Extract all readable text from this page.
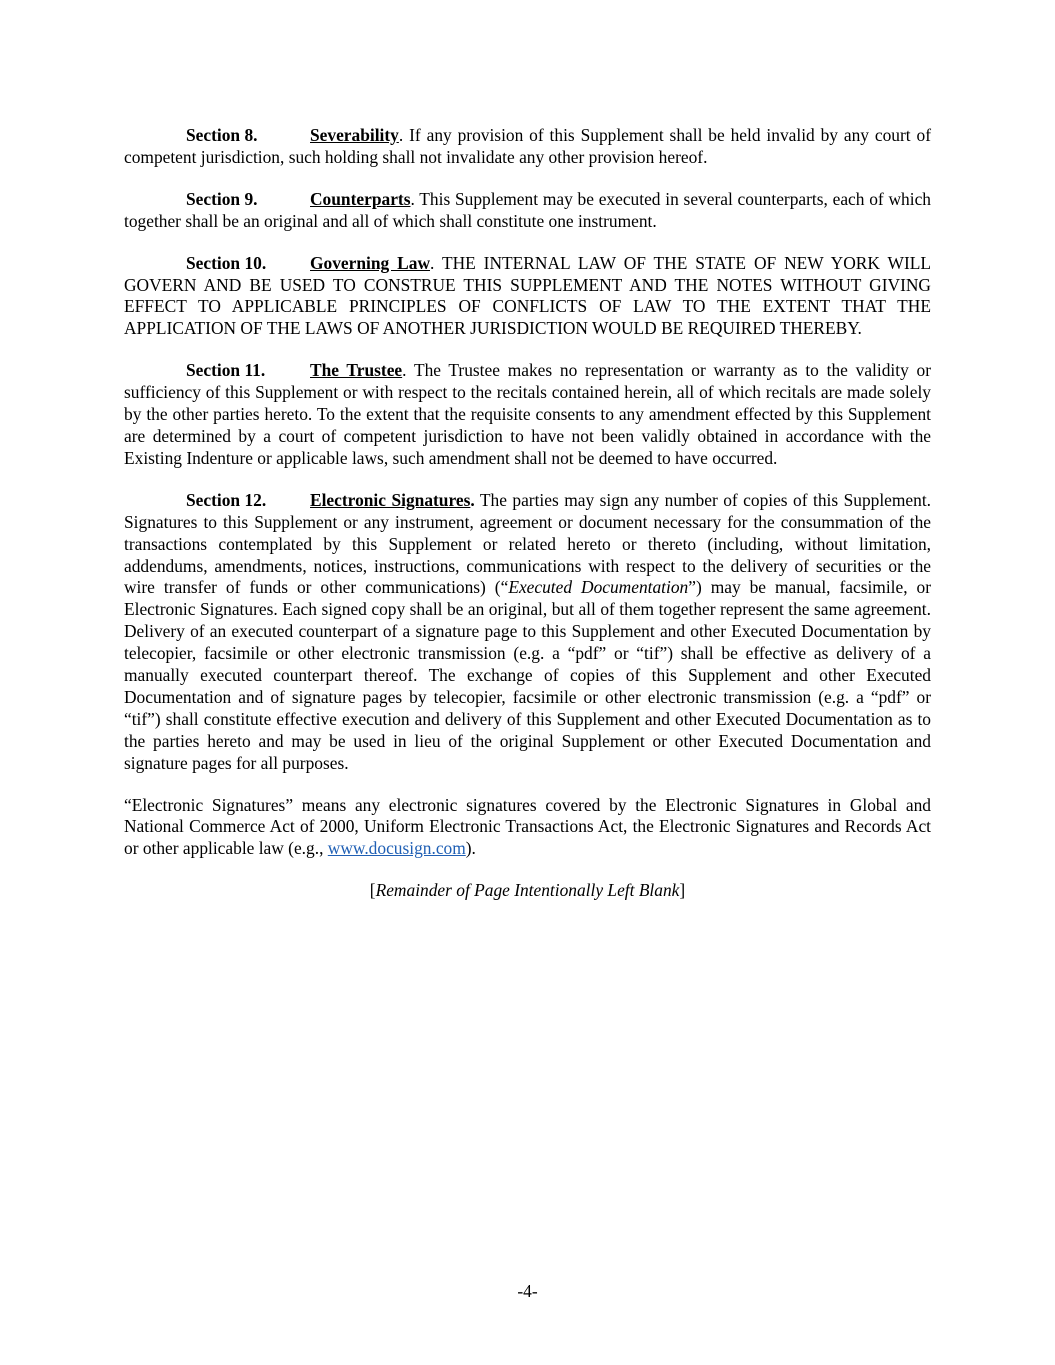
Section 8.	Severability. If any provision of this Supplement shall be held invalid by any court of competent jurisdiction, such holding shall not invalidate any other provision hereof.

Section 9.	Counterparts. This Supplement may be executed in several counterparts, each of which together shall be an original and all of which shall constitute one instrument.

Section 10.	Governing Law. THE INTERNAL LAW OF THE STATE OF NEW YORK WILL GOVERN AND BE USED TO CONSTRUE THIS SUPPLEMENT AND THE NOTES WITHOUT GIVING EFFECT TO APPLICABLE PRINCIPLES OF CONFLICTS OF LAW TO THE EXTENT THAT THE APPLICATION OF THE LAWS OF ANOTHER JURISDICTION WOULD BE REQUIRED THEREBY.

Section 11.	The Trustee. The Trustee makes no representation or warranty as to the validity or sufficiency of this Supplement or with respect to the recitals contained herein, all of which recitals are made solely by the other parties hereto. To the extent that the requisite consents to any amendment effected by this Supplement are determined by a court of competent jurisdiction to have not been validly obtained in accordance with the Existing Indenture or applicable laws, such amendment shall not be deemed to have occurred.

Section 12.	Electronic Signatures. The parties may sign any number of copies of this Supplement. Signatures to this Supplement or any instrument, agreement or document necessary for the consummation of the transactions contemplated by this Supplement or related hereto or thereto (including, without limitation, addendums, amendments, notices, instructions, communications with respect to the delivery of securities or the wire transfer of funds or other communications) (“Executed Documentation”) may be manual, facsimile, or Electronic Signatures. Each signed copy shall be an original, but all of them together represent the same agreement. Delivery of an executed counterpart of a signature page to this Supplement and other Executed Documentation by telecopier, facsimile or other electronic transmission (e.g. a “pdf” or “tif”) shall be effective as delivery of a manually executed counterpart thereof. The exchange of copies of this Supplement and other Executed Documentation and of signature pages by telecopier, facsimile or other electronic transmission (e.g. a “pdf” or “tif”) shall constitute effective execution and delivery of this Supplement and other Executed Documentation as to the parties hereto and may be used in lieu of the original Supplement or other Executed Documentation and signature pages for all purposes.

“Electronic Signatures” means any electronic signatures covered by the Electronic Signatures in Global and National Commerce Act of 2000, Uniform Electronic Transactions Act, the Electronic Signatures and Records Act or other applicable law (e.g., www.docusign.com).

[Remainder of Page Intentionally Left Blank]

-4-
